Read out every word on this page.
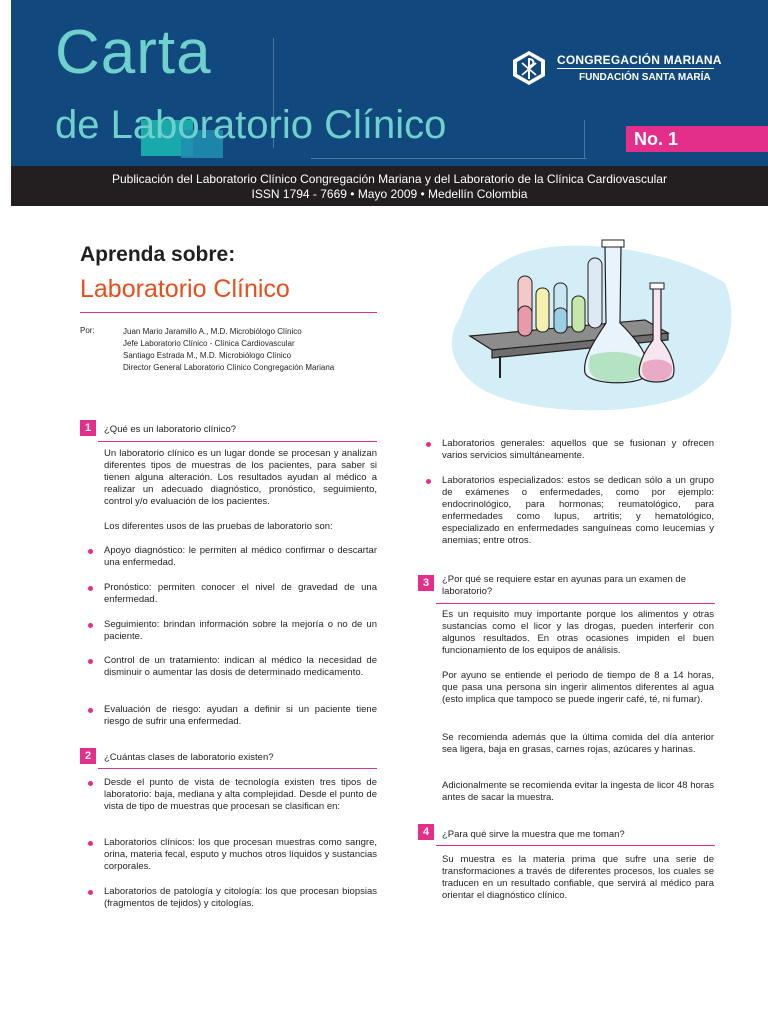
Carta
de Laboratorio Clínico
CONGREGACIÓN MARIANA
FUNDACIÓN SANTA MARÍA
No. 1
Publicación del Laboratorio Clínico Congregación Mariana y del Laboratorio de la Clínica Cardiovascular
ISSN 1794 - 7669 • Mayo 2009 • Medellín Colombia
Aprenda sobre:
Laboratorio Clínico
Por:	Juan Mario Jaramillo A., M.D. Microbiólogo Clínico
Jefe Laboratorio Clínico - Clínica Cardiovascular
Santiago Estrada M., M.D. Microbiólogo Clínico
Director General Laboratorio Clínico Congregación Mariana
1	¿Qué es un laboratorio clínico?
Un laboratorio clínico es un lugar donde se procesan y analizan diferentes tipos de muestras de los pacientes, para saber si tienen alguna alteración. Los resultados ayudan al médico a realizar un adecuado diagnóstico, pronóstico, seguimiento, control y/o evaluación de los pacientes.
Los diferentes usos de las pruebas de laboratorio son:
Apoyo diagnóstico: le permiten al médico confirmar o descartar una enfermedad.
Pronóstico: permiten conocer el nivel de gravedad de una enfermedad.
Seguimiento: brindan información sobre la mejoría o no de un paciente.
Control de un tratamiento: indican al médico la necesidad de disminuir o aumentar las dosis de determinado medicamento.
Evaluación de riesgo: ayudan a definir si un paciente tiene riesgo de sufrir una enfermedad.
2	¿Cuántas clases de laboratorio existen?
Desde el punto de vista de tecnología existen tres tipos de laboratorio: baja, mediana y alta complejidad. Desde el punto de vista de tipo de muestras que procesan se clasifican en:
Laboratorios clínicos: los que procesan muestras como sangre, orina, materia fecal, esputo y muchos otros líquidos y sustancias corporales.
Laboratorios de patología y citología: los que procesan biopsias (fragmentos de tejidos) y citologías.
Laboratorios generales: aquellos que se fusionan y ofrecen varios servicios simultáneamente.
Laboratorios especializados: estos se dedican sólo a un grupo de exámenes o enfermedades, como por ejemplo: endocrinológico, para hormonas; reumatológico, para enfermedades como lupus, artritis; y hematológico, especializado en enfermedades sanguíneas como leucemias y anemias; entre otros.
3	¿Por qué se requiere estar en ayunas para un examen de laboratorio?
Es un requisito muy importante porque los alimentos y otras sustancias como el licor y las drogas, pueden interferir con algunos resultados. En otras ocasiones impiden el buen funcionamiento de los equipos de análisis.
Por ayuno se entiende el periodo de tiempo de 8 a 14 horas, que pasa una persona sin ingerir alimentos diferentes al agua (esto implica que tampoco se puede ingerir café, té, ni fumar).
Se recomienda además que la última comida del día anterior sea ligera, baja en grasas, carnes rojas, azúcares y harinas.
Adicionalmente se recomienda evitar la ingesta de licor 48 horas antes de sacar la muestra.
4	¿Para qué sirve la muestra que me toman?
Su muestra es la materia prima que sufre una serie de transformaciones a través de diferentes procesos, los cuales se traducen en un resultado confiable, que servirá al médico para orientar el diagnóstico clínico.
